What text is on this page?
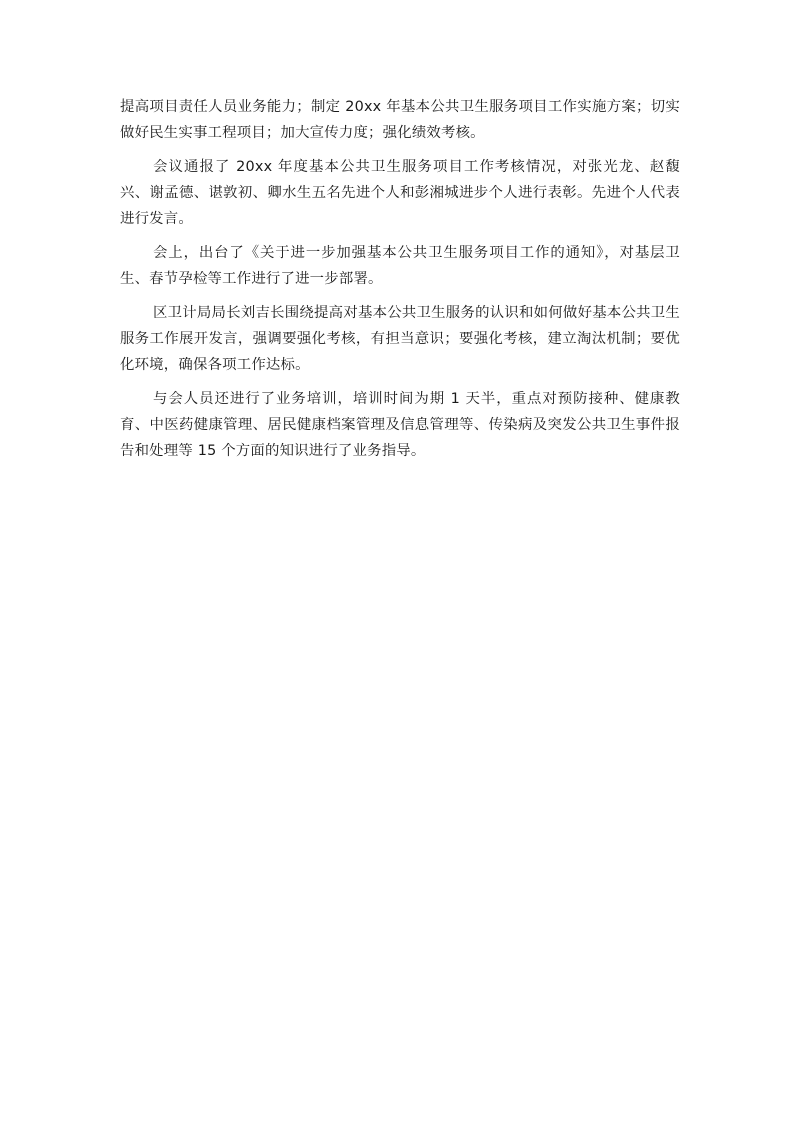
提高项目责任人员业务能力；制定 20xx 年基本公共卫生服务项目工作实施方案；切实做好民生实事工程项目；加大宣传力度；强化绩效考核。

会议通报了 20xx 年度基本公共卫生服务项目工作考核情况，对张光龙、赵馥兴、谢孟德、谌敦初、卿水生五名先进个人和彭湘城进步个人进行表彰。先进个人代表进行发言。

会上，出台了《关于进一步加强基本公共卫生服务项目工作的通知》，对基层卫生、春节孕检等工作进行了进一步部署。

区卫计局局长刘吉长围绕提高对基本公共卫生服务的认识和如何做好基本公共卫生服务工作展开发言，强调要强化考核，有担当意识；要强化考核，建立淘汰机制；要优化环境，确保各项工作达标。

与会人员还进行了业务培训，培训时间为期 1 天半，重点对预防接种、健康教育、中医药健康管理、居民健康档案管理及信息管理等、传染病及突发公共卫生事件报告和处理等 15 个方面的知识进行了业务指导。
